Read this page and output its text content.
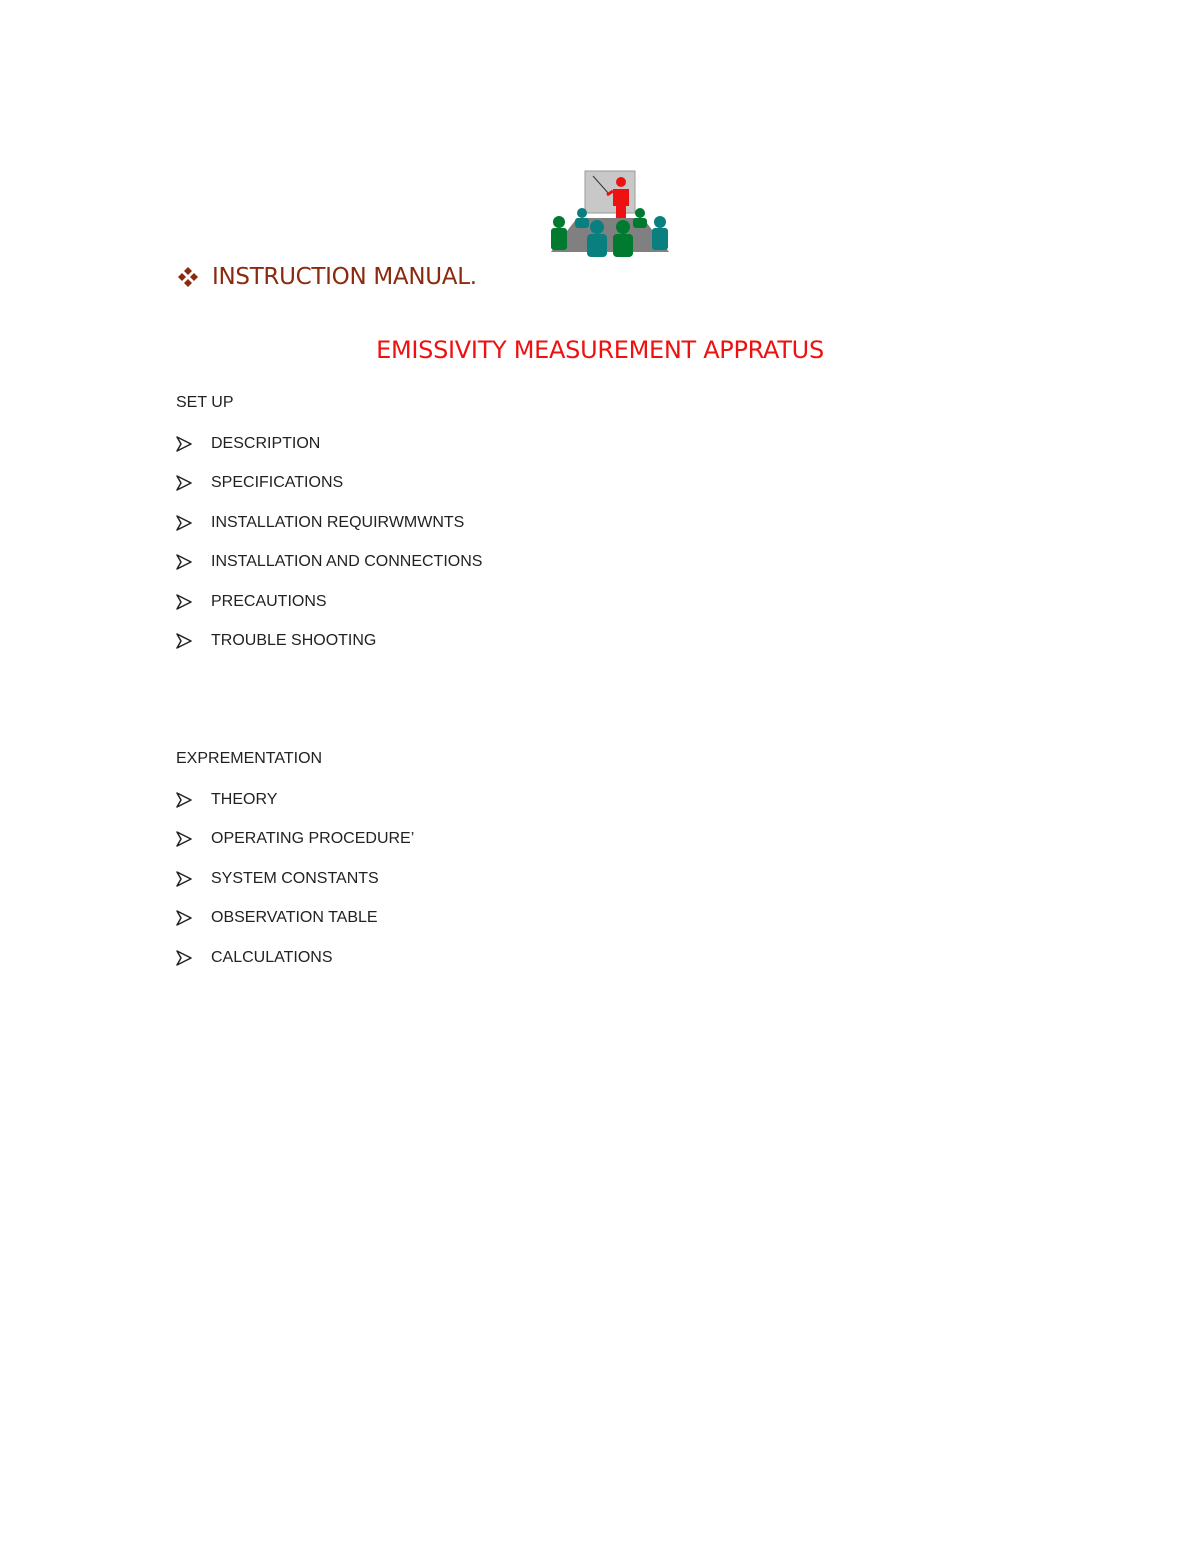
INSTRUCTION MANUAL.
EMISSIVITY MEASUREMENT APPRATUS
SET UP
DESCRIPTION
SPECIFICATIONS
INSTALLATION REQUIRWMWNTS
INSTALLATION AND CONNECTIONS
PRECAUTIONS
TROUBLE SHOOTING
EXPREMENTATION
THEORY
OPERATING PROCEDURE’
SYSTEM CONSTANTS
OBSERVATION TABLE
CALCULATIONS
